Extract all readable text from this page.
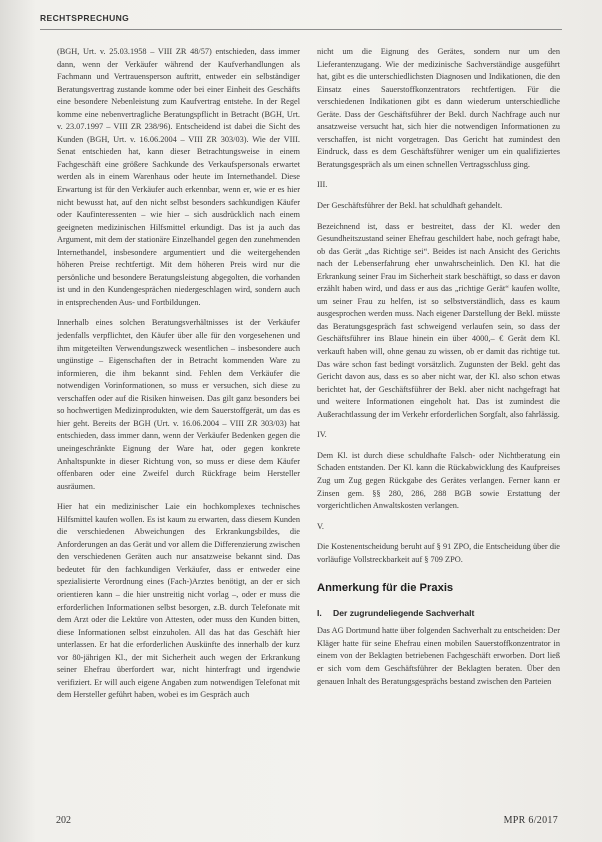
RECHTSPRECHUNG

(BGH, Urt. v. 25.03.1958 – VIII ZR 48/57) entschieden, dass immer dann, wenn der Verkäufer während der Kaufverhandlungen als Fachmann und Vertrauensperson auftritt, entweder ein selbständiger Beratungsvertrag zustande komme oder bei einer Einheit des Geschäfts eine besondere Nebenleistung zum Kaufvertrag entstehe. In der Regel komme eine nebenvertragliche Beratungspflicht in Betracht (BGH, Urt. v. 23.07.1997 – VIII ZR 238/96). Entscheidend ist dabei die Sicht des Kunden (BGH, Urt. v. 16.06.2004 – VIII ZR 303/03). Wie der VIII. Senat entschieden hat, kann dieser Betrachtungsweise in einem Fachgeschäft eine größere Sachkunde des Verkaufspersonals erwartet werden als in einem Warenhaus oder heute im Internethandel. Diese Erwartung ist für den Verkäufer auch erkennbar, wenn er, wie er es hier nicht bewusst hat, auf den nicht selbst besonders sachkundigen Käufer oder Kaufinteressenten – wie hier – sich ausdrücklich nach einem geeigneten medizinischen Hilfsmittel erkundigt. Das ist ja auch das Argument, mit dem der stationäre Einzelhandel gegen den zunehmenden Internethandel, insbesondere argumentiert und die weitergehenden höheren Preise rechtfertigt. Mit dem höheren Preis wird nur die persönliche und besondere Beratungsleistung abgegolten, die vorhanden ist und in den Kundengesprächen niedergeschlagen wird, sondern auch in entsprechenden Aus- und Fortbildungen.

Innerhalb eines solchen Beratungsverhältnisses ist der Verkäufer jedenfalls verpflichtet, den Käufer über alle für den vorgesehenen und ihm mitgeteilten Verwendungszweck wesentlichen – insbesondere auch ungünstige – Eigenschaften der in Betracht kommenden Ware zu informieren, die ihm bekannt sind. Fehlen dem Verkäufer die notwendigen Vorinformationen, so muss er versuchen, sich diese zu verschaffen oder auf die Risiken hinweisen. Das gilt ganz besonders bei so hochwertigen Medizinprodukten, wie dem Sauerstoffgerät, um das es hier geht. Bereits der BGH (Urt. v. 16.06.2004 – VIII ZR 303/03) hat entschieden, dass immer dann, wenn der Verkäufer Bedenken gegen die uneingeschränkte Eignung der Ware hat, oder gegen konkrete Anhaltspunkte in dieser Richtung von, so muss er diese dem Käufer offenbaren oder eine Zweifel durch Rückfrage beim Hersteller ausräumen.

Hier hat ein medizinischer Laie ein hochkomplexes technisches Hilfsmittel kaufen wollen. Es ist kaum zu erwarten, dass diesem Kunden die verschiedenen Abweichungen des Erkrankungsbildes, die Anforderungen an das Gerät und vor allem die Differenzierung zwischen den verschiedenen Geräten auch nur ansatzweise bekannt sind. Das bedeutet für den fachkundigen Verkäufer, dass er entweder eine spezialisierte Verordnung eines (Fach-)Arztes benötigt, an der er sich orientieren kann – die hier unstreitig nicht vorlag –, oder er muss die erforderlichen Informationen selbst besorgen, z.B. durch Telefonate mit dem Arzt oder die Lektüre von Attesten, oder muss den Kunden bitten, diese Informationen selbst einzuholen. All das hat das Geschäft hier unterlassen. Er hat die erforderlichen Auskünfte des innerhalb der kurz vor 80-jährigen Kl., der mit Sicherheit auch wegen der Erkrankung seiner Ehefrau überfordert war, nicht hinterfragt und irgendwie verifiziert. Er will auch eigene Angaben zum notwendigen Telefonat mit dem Hersteller geführt haben, wobei es im Gespräch auch

nicht um die Eignung des Gerätes, sondern nur um den Lieferantenzugang. Wie der medizinische Sachverständige ausgeführt hat, gibt es die unterschiedlichsten Diagnosen und Indikationen, die den Einsatz eines Sauerstoffkonzentrators rechtfertigen. Für die verschiedenen Indikationen gibt es dann wiederum unterschiedliche Geräte. Dass der Geschäftsführer der Bekl. durch Nachfrage auch nur ansatzweise versucht hat, sich hier die notwendigen Informationen zu verschaffen, ist nicht vorgetragen. Das Gericht hat zumindest den Eindruck, dass es dem Geschäftsführer weniger um ein qualifiziertes Beratungsgespräch als um einen schnellen Vertragsschluss ging.

III.

Der Geschäftsführer der Bekl. hat schuldhaft gehandelt.

Bezeichnend ist, dass er bestreitet, dass der Kl. weder den Gesundheitszustand seiner Ehefrau geschildert habe, noch gefragt habe, ob das Gerät „das Richtige sei“. Beides ist nach Ansicht des Gerichts nach der Lebenserfahrung eher unwahrscheinlich. Den Kl. hat die Erkrankung seiner Frau im Sicherheit stark beschäftigt, so dass er davon erzählt haben wird, und dass er aus das „richtige Gerät“ kaufen wollte, um seiner Frau zu helfen, ist so selbstverständlich, dass es kaum ausgesprochen werden muss. Nach eigener Darstellung der Bekl. müsste das Beratungsgespräch fast schweigend verlaufen sein, so dass der Geschäftsführer ins Blaue hinein ein über 4000,– € Gerät dem Kl. verkauft haben will, ohne genau zu wissen, ob er damit das richtige tut. Das wäre schon fast bedingt vorsätzlich. Zugunsten der Bekl. geht das Gericht davon aus, dass es so aber nicht war, der Kl. also schon etwas berichtet hat, der Geschäftsführer der Bekl. aber nicht nachgefragt hat und weitere Informationen eingeholt hat. Das ist zumindest die Außerachtlassung der im Verkehr erforderlichen Sorgfalt, also fahrlässig.

IV.

Dem Kl. ist durch diese schuldhafte Falsch- oder Nichtberatung ein Schaden entstanden. Der Kl. kann die Rückabwicklung des Kaufpreises Zug um Zug gegen Rückgabe des Gerätes verlangen. Ferner kann er Zinsen gem. §§ 280, 286, 288 BGB sowie Erstattung der vorgerichtlichen Anwaltskosten verlangen.

V.

Die Kostenentscheidung beruht auf § 91 ZPO, die Entscheidung über die vorläufige Vollstreckbarkeit auf § 709 ZPO.

Anmerkung für die Praxis
I. Der zugrundeliegende Sachverhalt

Das AG Dortmund hatte über folgenden Sachverhalt zu entscheiden: Der Kläger hatte für seine Ehefrau einen mobilen Sauerstoffkonzentrator in einem von der Beklagten betriebenen Fachgeschäft erworben. Dort ließ er sich vom dem Geschäftsführer der Beklagten beraten. Über den genauen Inhalt des Beratungsgesprächs bestand zwischen den Parteien

202	MPR 6/2017
